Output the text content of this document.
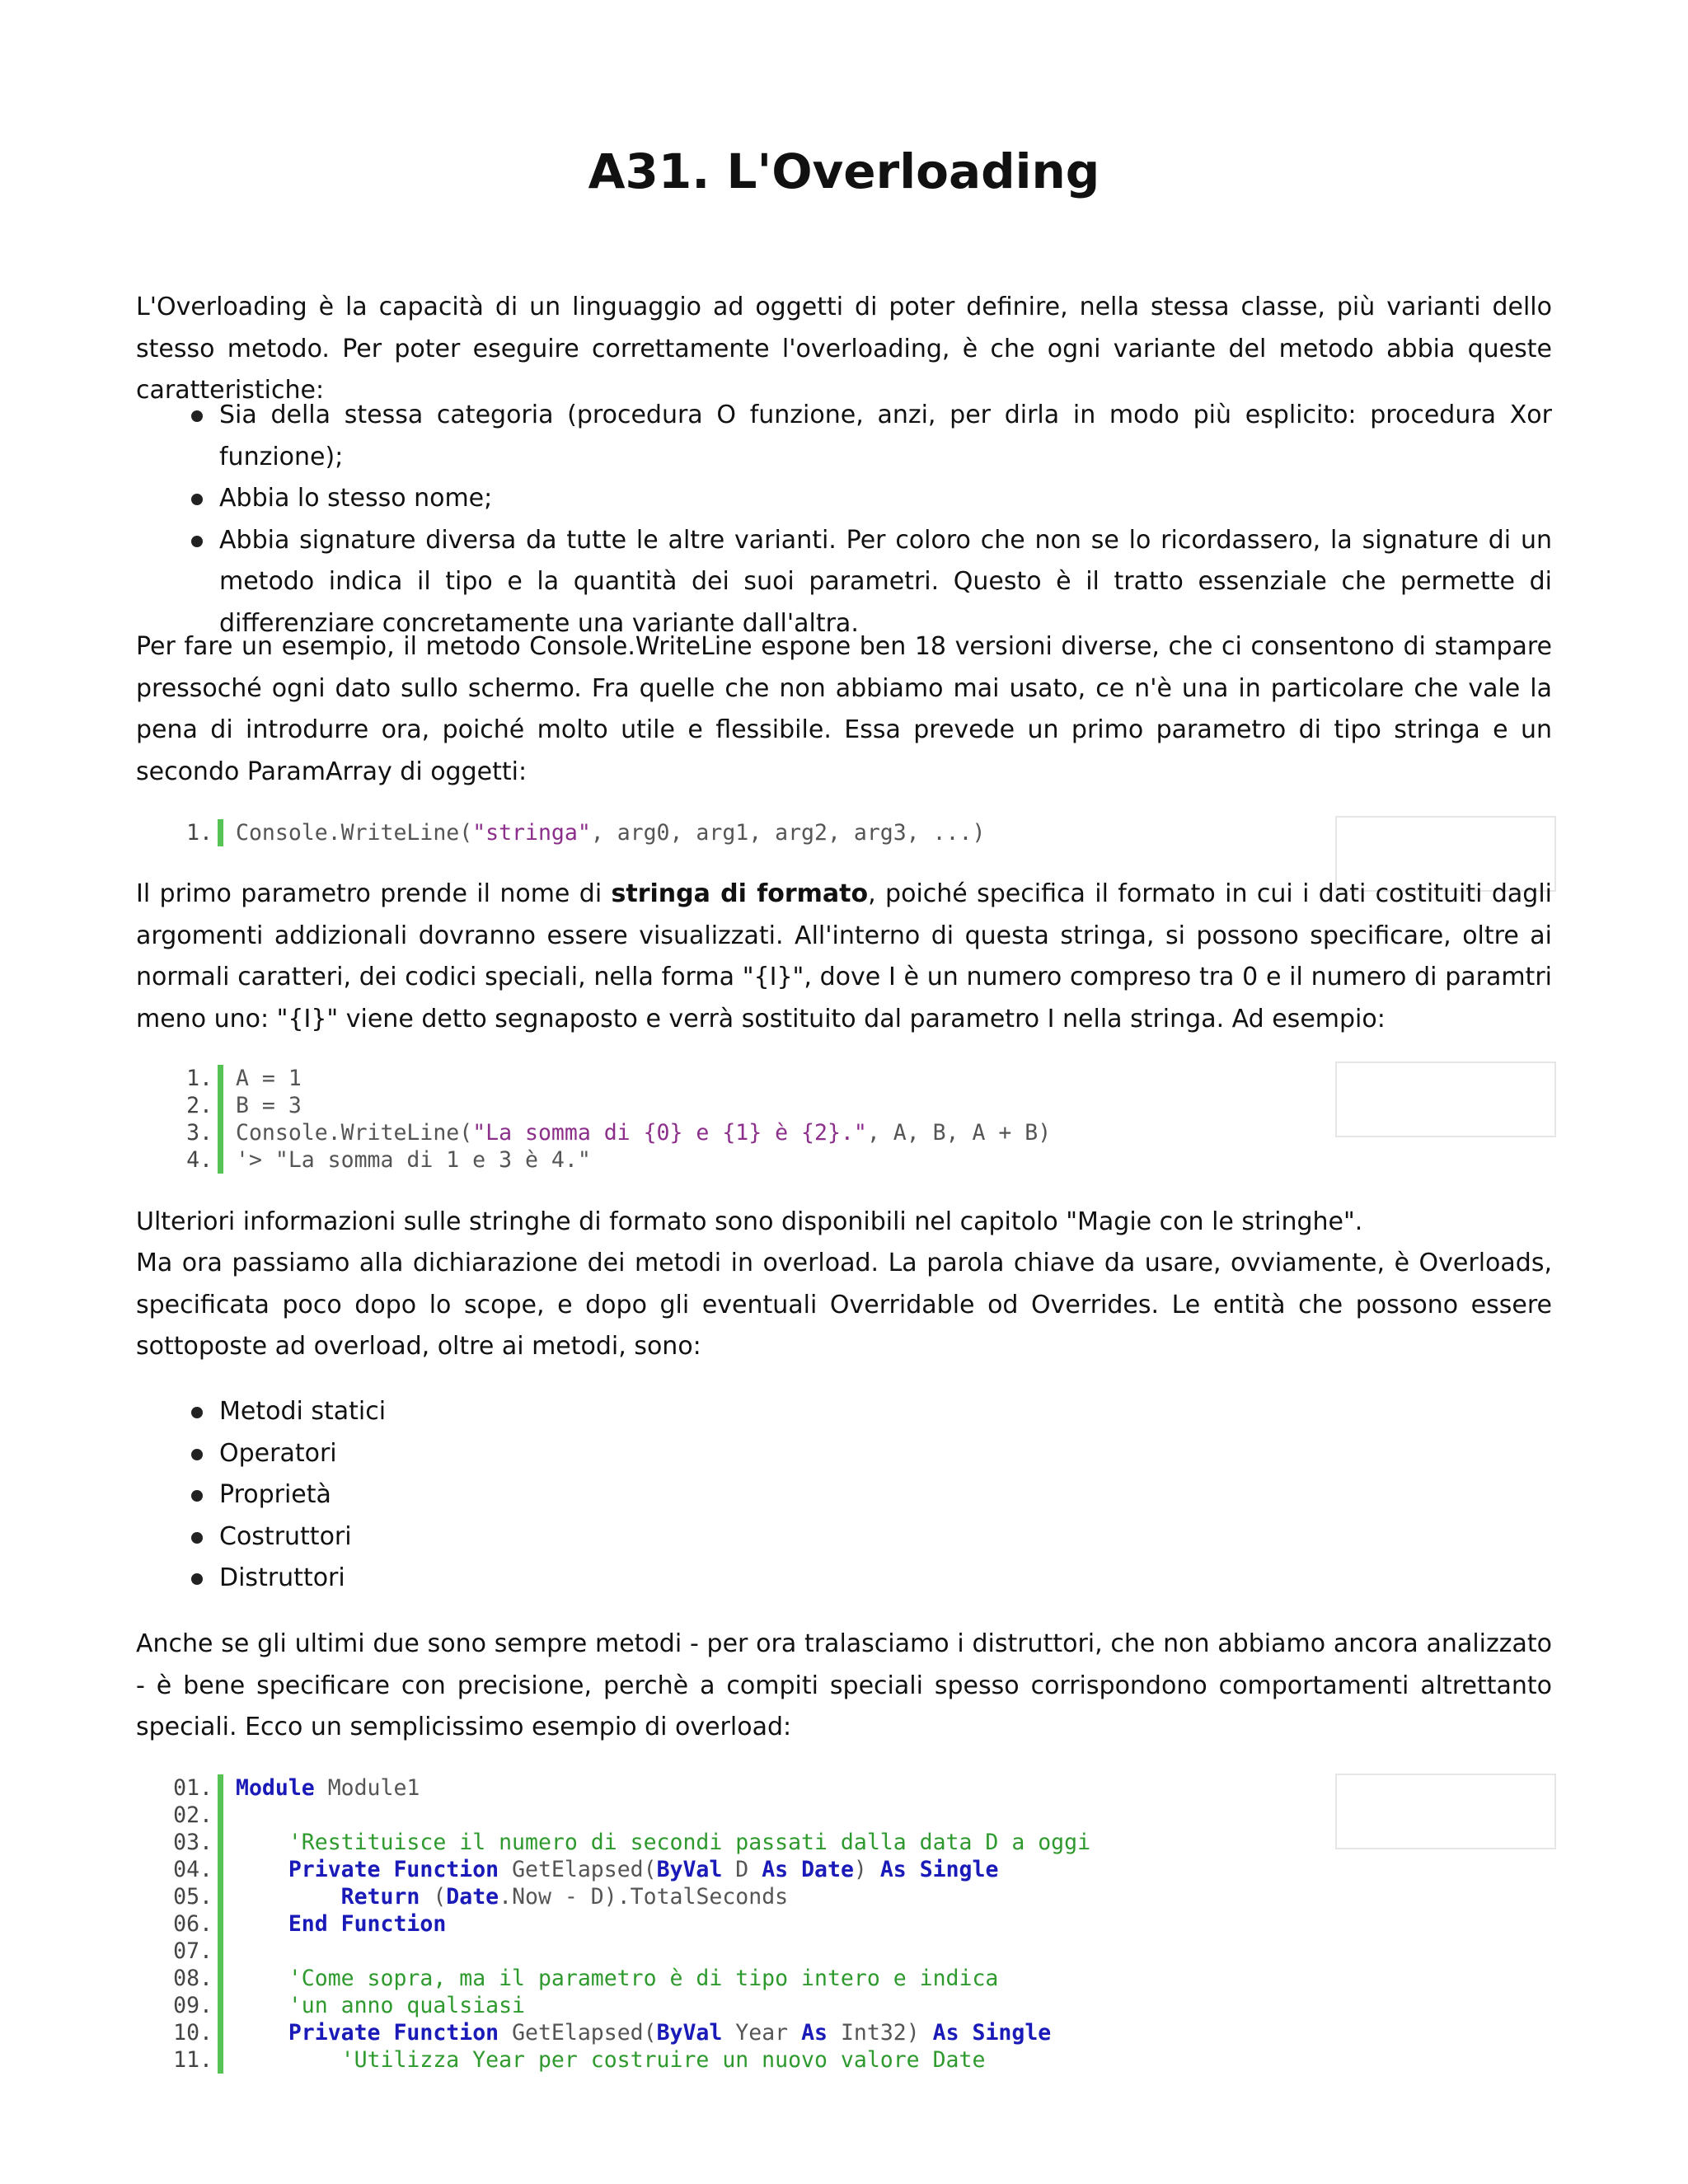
A31. L'Overloading

L'Overloading è la capacità di un linguaggio ad oggetti di poter definire, nella stessa classe, più varianti dello stesso metodo. Per poter eseguire correttamente l'overloading, è che ogni variante del metodo abbia queste caratteristiche:

Sia della stessa categoria (procedura O funzione, anzi, per dirla in modo più esplicito: procedura Xor funzione);
Abbia lo stesso nome;
Abbia signature diversa da tutte le altre varianti. Per coloro che non se lo ricordassero, la signature di un metodo indica il tipo e la quantità dei suoi parametri. Questo è il tratto essenziale che permette di differenziare concretamente una variante dall'altra.

Per fare un esempio, il metodo Console.WriteLine espone ben 18 versioni diverse, che ci consentono di stampare pressoché ogni dato sullo schermo. Fra quelle che non abbiamo mai usato, ce n'è una in particolare che vale la pena di introdurre ora, poiché molto utile e flessibile. Essa prevede un primo parametro di tipo stringa e un secondo ParamArray di oggetti:

1. Console.WriteLine("stringa", arg0, arg1, arg2, arg3, ...)

Il primo parametro prende il nome di stringa di formato, poiché specifica il formato in cui i dati costituiti dagli argomenti addizionali dovranno essere visualizzati. All'interno di questa stringa, si possono specificare, oltre ai normali caratteri, dei codici speciali, nella forma "{I}", dove I è un numero compreso tra 0 e il numero di paramtri meno uno: "{I}" viene detto segnaposto e verrà sostituito dal parametro I nella stringa. Ad esempio:

1. A = 1
2. B = 3
3. Console.WriteLine("La somma di {0} e {1} è {2}.", A, B, A + B)
4. '> "La somma di 1 e 3 è 4."

Ulteriori informazioni sulle stringhe di formato sono disponibili nel capitolo "Magie con le stringhe".

Ma ora passiamo alla dichiarazione dei metodi in overload. La parola chiave da usare, ovviamente, è Overloads, specificata poco dopo lo scope, e dopo gli eventuali Overridable od Overrides. Le entità che possono essere sottoposte ad overload, oltre ai metodi, sono:

Metodi statici
Operatori
Proprietà
Costruttori
Distruttori

Anche se gli ultimi due sono sempre metodi - per ora tralasciamo i distruttori, che non abbiamo ancora analizzato - è bene specificare con precisione, perchè a compiti speciali spesso corrispondono comportamenti altrettanto speciali. Ecco un semplicissimo esempio di overload:

01. Module Module1
02.
03.	'Restituisce il numero di secondi passati dalla data D a oggi
04.	Private Function GetElapsed(ByVal D As Date) As Single
05.	Return (Date.Now - D).TotalSeconds
06.	End Function
07.
08.	'Come sopra, ma il parametro è di tipo intero e indica
09.	'un anno qualsiasi
10.	Private Function GetElapsed(ByVal Year As Int32) As Single
11.	'Utilizza Year per costruire un nuovo valore Date
